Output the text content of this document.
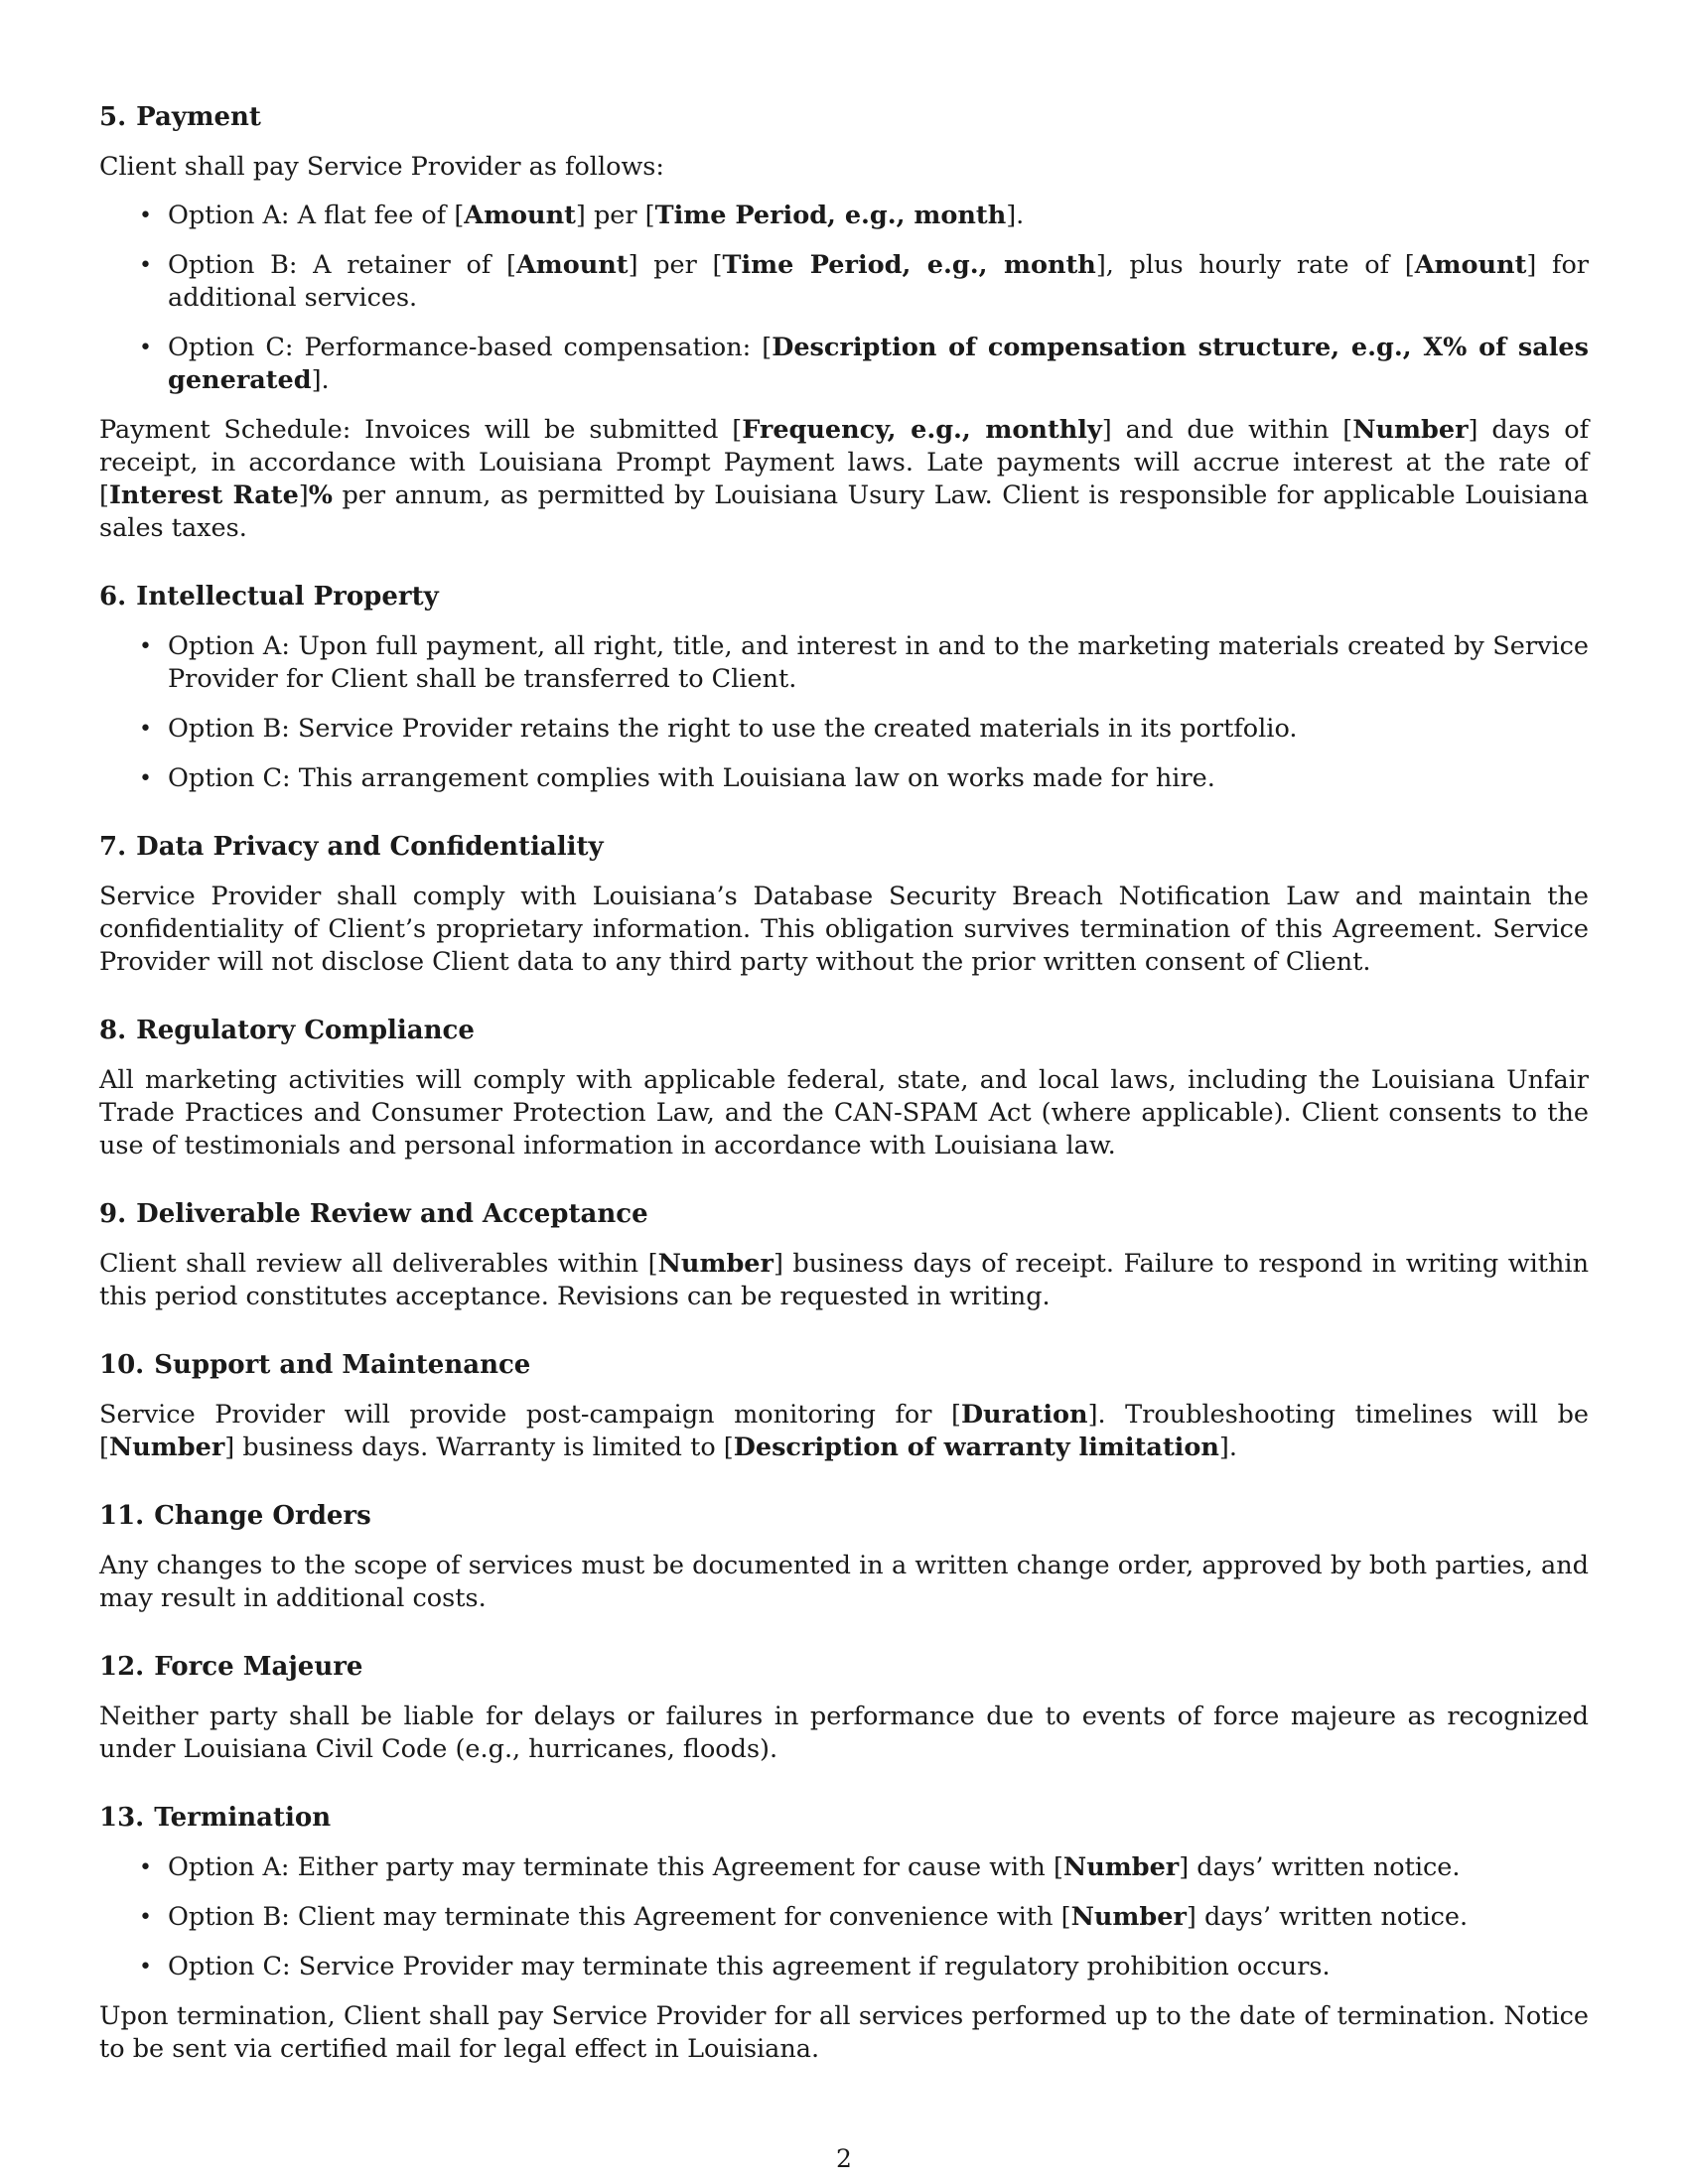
5. Payment

Client shall pay Service Provider as follows:

• Option A: A flat fee of [Amount] per [Time Period, e.g., month].
• Option B: A retainer of [Amount] per [Time Period, e.g., month], plus hourly rate of [Amount] for additional services.
• Option C: Performance-based compensation: [Description of compensation structure, e.g., X% of sales generated].

Payment Schedule: Invoices will be submitted [Frequency, e.g., monthly] and due within [Number] days of receipt, in accordance with Louisiana Prompt Payment laws. Late payments will accrue interest at the rate of [Interest Rate]% per annum, as permitted by Louisiana Usury Law. Client is responsible for applicable Louisiana sales taxes.

6. Intellectual Property
• Option A: Upon full payment, all right, title, and interest in and to the marketing materials created by Service Provider for Client shall be transferred to Client.
• Option B: Service Provider retains the right to use the created materials in its portfolio.
• Option C: This arrangement complies with Louisiana law on works made for hire.
7. Data Privacy and Confidentiality

Service Provider shall comply with Louisiana’s Database Security Breach Notification Law and maintain the confidentiality of Client’s proprietary information. This obligation survives termination of this Agreement. Service Provider will not disclose Client data to any third party without the prior written consent of Client.

8. Regulatory Compliance

All marketing activities will comply with applicable federal, state, and local laws, including the Louisiana Unfair Trade Practices and Consumer Protection Law, and the CAN-SPAM Act (where applicable). Client consents to the use of testimonials and personal information in accordance with Louisiana law.

9. Deliverable Review and Acceptance

Client shall review all deliverables within [Number] business days of receipt. Failure to respond in writing within this period constitutes acceptance. Revisions can be requested in writing.

10. Support and Maintenance

Service Provider will provide post-campaign monitoring for [Duration]. Troubleshooting timelines will be [Number] business days. Warranty is limited to [Description of warranty limitation].

11. Change Orders

Any changes to the scope of services must be documented in a written change order, approved by both parties, and may result in additional costs.

12. Force Majeure

Neither party shall be liable for delays or failures in performance due to events of force majeure as recognized under Louisiana Civil Code (e.g., hurricanes, floods).

13. Termination
• Option A: Either party may terminate this Agreement for cause with [Number] days’ written notice.
• Option B: Client may terminate this Agreement for convenience with [Number] days’ written notice.
• Option C: Service Provider may terminate this agreement if regulatory prohibition occurs.

Upon termination, Client shall pay Service Provider for all services performed up to the date of termination. Notice to be sent via certified mail for legal effect in Louisiana.

2
